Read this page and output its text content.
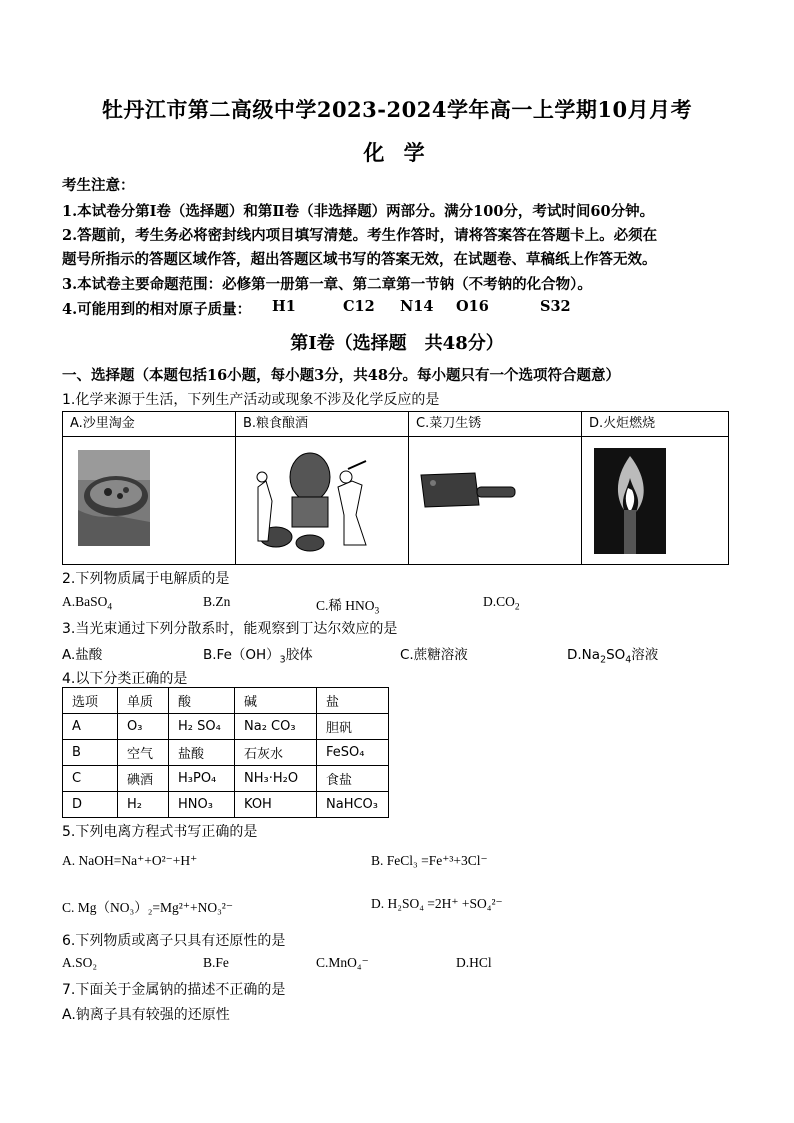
牡丹江市第二高级中学2023-2024学年高一上学期10月月考
化 学
考生注意：
1.本试卷分第Ⅰ卷（选择题）和第Ⅱ卷（非选择题）两部分。满分100分，考试时间60分钟。
2.答题前，考生务必将密封线内项目填写清楚。考生作答时，请将答案答在答题卡上。必须在
题号所指示的答题区域作答，超出答题区域书写的答案无效，在试题卷、草稿纸上作答无效。
3.本试卷主要命题范围：必修第一册第一章、第二章第一节钠（不考钠的化合物）。
4.可能用到的相对原子质量： H1	C12 N14 O16	S32
第Ⅰ卷（选择题　共48分）
一、选择题（本题包括16小题，每小题3分，共48分。每小题只有一个选项符合题意）
1.化学来源于生活，下列生产活动或现象不涉及化学反应的是
A.沙里淘金	B.粮食酿酒	C.菜刀生锈	D.火炬燃烧

2.下列物质属于电解质的是
A.BaSO$_4$	B.Zn	C.稀 $HNO_3$
$D.CO_2$
3.当光束通过下列分散系时，能观察到丁达尔效应的是
A.盐酸	$B.Fe(OH)_3$胶体	C.蔗糖溶液	$D.Na_2SO_4$溶液
4.以下分类正确的是
选项	单质	酸	碱	盐
A	O₃	H₂ SO₄	Na₂ CO₃	胆矾
B	空气	盐酸	石灰水	FeSO₄
C	碘酒	H₃PO₄	NH₃·H₂O	食盐
D	H₂	HNO₃	KOH	NaHCO₃
5.下列电离方程式书写正确的是
A. NaOH=Na⁺+O²⁻+H⁺	B. FeCl₃ =Fe⁺³+3Cl⁻
C. Mg（NO₃）₂=Mg²⁺+NO₃²⁻	D. H₂SO₄ =2H⁺ +SO₄²⁻
6.下列物质或离子只具有还原性的是
A.SO₂	B.Fe	C.MnO₄⁻	D.HCl
7.下面关于金属钠的描述不正确的是
A.钠离子具有较强的还原性
